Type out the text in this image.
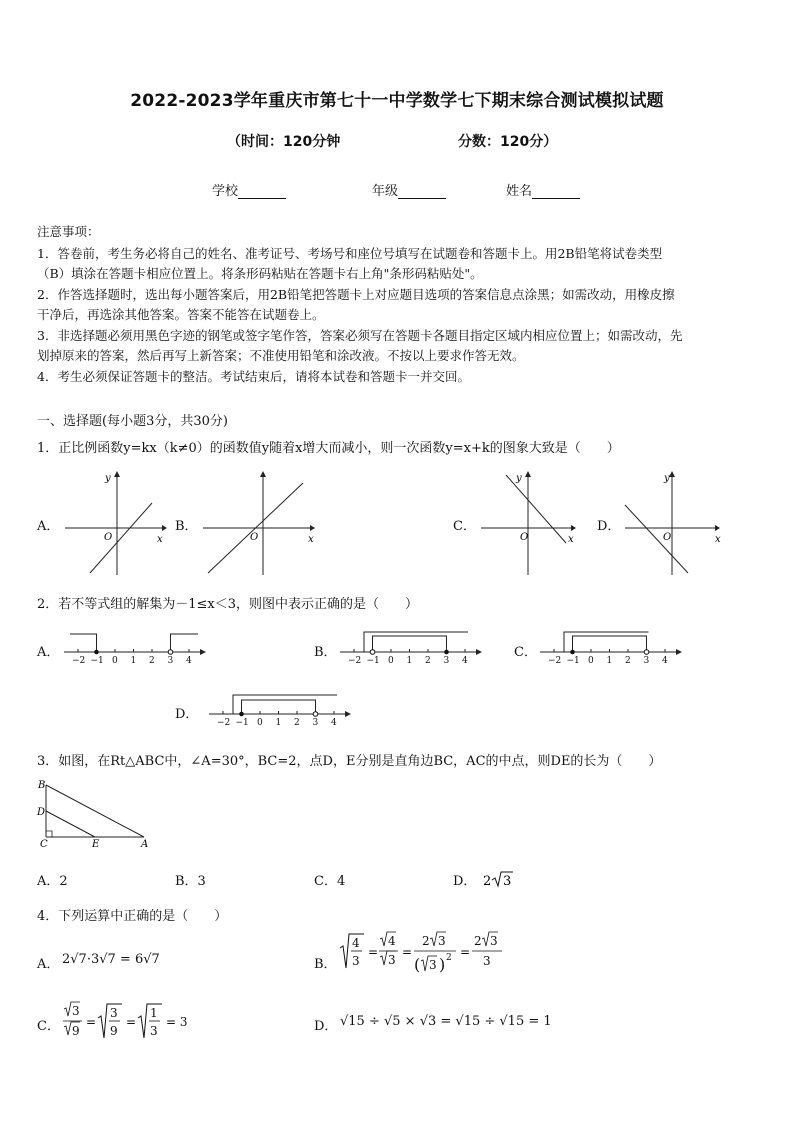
2022-2023学年重庆市第七十一中学数学七下期末综合测试模拟试题
（时间：120分钟	分数：120分）
学校	年级	姓名
注意事项：
1．答卷前，考生务必将自己的姓名、准考证号、考场号和座位号填写在试题卷和答题卡上。用2B铅笔将试卷类型
（B）填涂在答题卡相应位置上。将条形码粘贴在答题卡右上角"条形码粘贴处"。
2．作答选择题时，选出每小题答案后，用2B铅笔把答题卡上对应题目选项的答案信息点涂黑；如需改动，用橡皮擦
干净后，再选涂其他答案。答案不能答在试题卷上。
3．非选择题必须用黑色字迹的钢笔或签字笔作答，答案必须写在答题卡各题目指定区域内相应位置上；如需改动，先
划掉原来的答案，然后再写上新答案；不准使用铅笔和涂改液。不按以上要求作答无效。
4．考生必须保证答题卡的整洁。考试结束后，请将本试卷和答题卡一并交回。
一、选择题(每小题3分，共30分)
1．正比例函数y=kx（k≠0）的函数值y随着x增大而减小，则一次函数y=x+k的图象大致是（　　）
A．
y
O	x
B．
O	x
C．
y
O	x
D．
y
O	x
2．若不等式组的解集为－1≤x＜3，则图中表示正确的是（　　）
A．
−2 −1 0 1 2 3 4
B．
−2 −1 0 1 2 3 4
C．
−2 −1 0 1 2 3 4
D．
−2 −1 0 1 2 3 4
3．如图，在Rt△ABC中，∠A=30°，BC=2，点D，E分别是直角边BC，AC的中点，则DE的长为（　　）
B
D
C	E	A
A．2	B．3	C．4	D． 2 3
4．下列运算中正确的是（　　）
A． 2√7·3√7 = 6√7	B．
4
3
=
4
3
=
2 3
( 3 ) 2 =
2 3
3
C．
3
9
=
3
9
=
1
3
= 3	D． √15 ÷ √5 × √3 = √15 ÷ √15 = 1
